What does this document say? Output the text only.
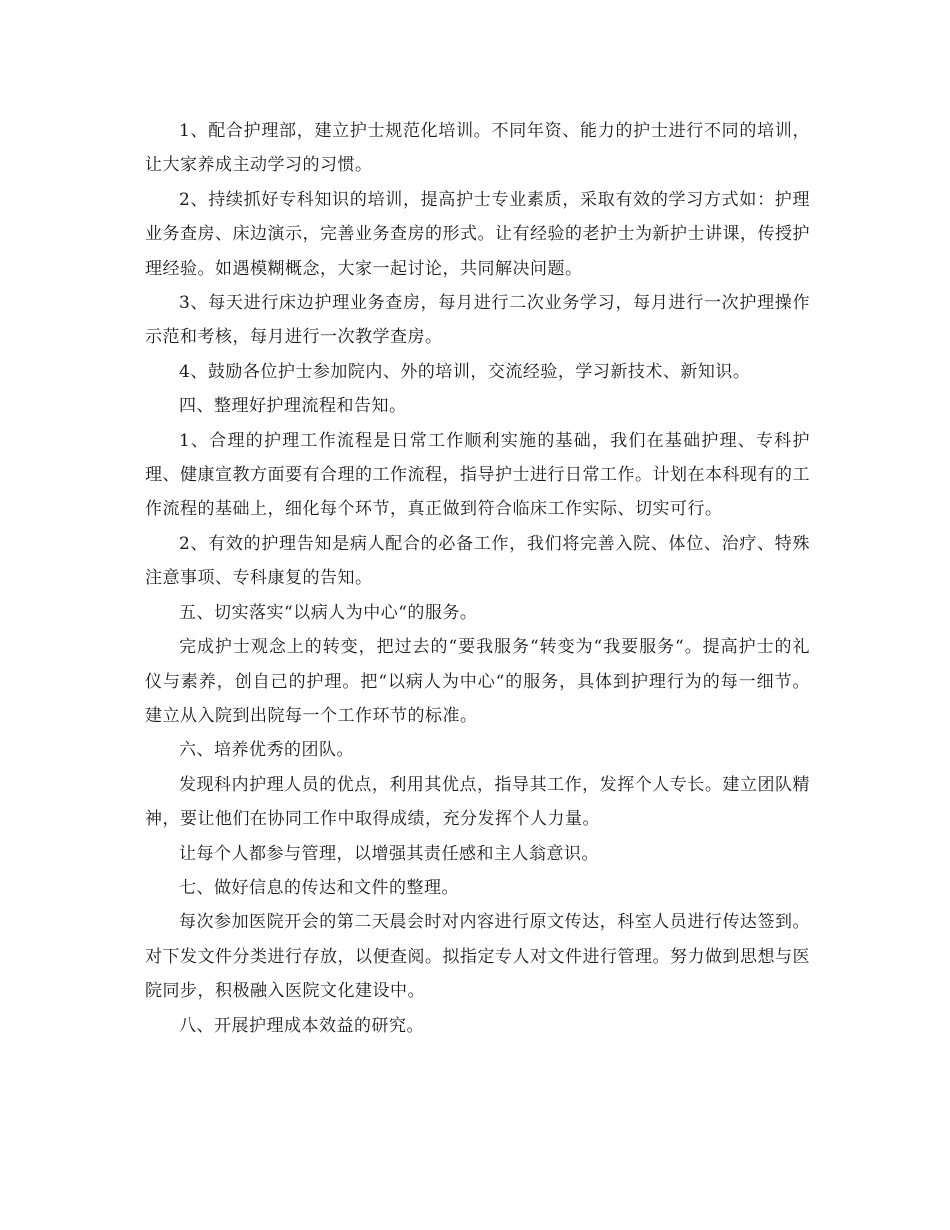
1、配合护理部，建立护士规范化培训。不同年资、能力的护士进行不同的培训，让大家养成主动学习的习惯。

2、持续抓好专科知识的培训，提高护士专业素质，采取有效的学习方式如：护理业务查房、床边演示，完善业务查房的形式。让有经验的老护士为新护士讲课，传授护理经验。如遇模糊概念，大家一起讨论，共同解决问题。

3、每天进行床边护理业务查房，每月进行二次业务学习，每月进行一次护理操作示范和考核，每月进行一次教学查房。

4、鼓励各位护士参加院内、外的培训，交流经验，学习新技术、新知识。

四、整理好护理流程和告知。

1、合理的护理工作流程是日常工作顺利实施的基础，我们在基础护理、专科护理、健康宣教方面要有合理的工作流程，指导护士进行日常工作。计划在本科现有的工作流程的基础上，细化每个环节，真正做到符合临床工作实际、切实可行。

2、有效的护理告知是病人配合的必备工作，我们将完善入院、体位、治疗、特殊注意事项、专科康复的告知。

五、切实落实“以病人为中心“的服务。

完成护士观念上的转变，把过去的“要我服务“转变为“我要服务“。提高护士的礼仪与素养，创自己的护理。把“以病人为中心“的服务，具体到护理行为的每一细节。建立从入院到出院每一个工作环节的标准。

六、培养优秀的团队。

发现科内护理人员的优点，利用其优点，指导其工作，发挥个人专长。建立团队精神，要让他们在协同工作中取得成绩，充分发挥个人力量。

让每个人都参与管理，以增强其责任感和主人翁意识。

七、做好信息的传达和文件的整理。

每次参加医院开会的第二天晨会时对内容进行原文传达，科室人员进行传达签到。对下发文件分类进行存放，以便查阅。拟指定专人对文件进行管理。努力做到思想与医院同步，积极融入医院文化建设中。

八、开展护理成本效益的研究。
